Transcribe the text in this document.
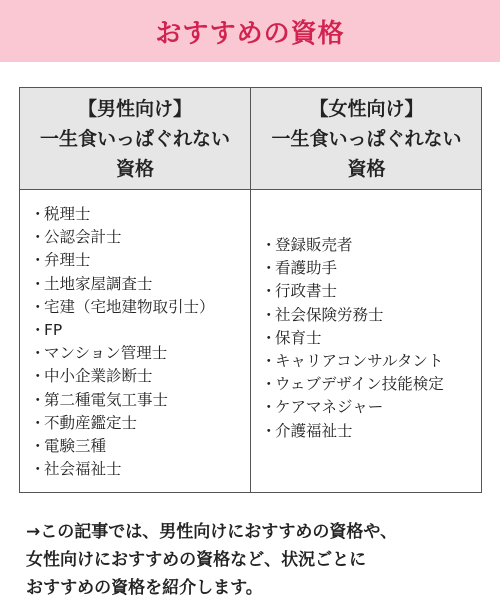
おすすめの資格
【男性向け】
一生食いっぱぐれない
資格
【女性向け】
一生食いっぱぐれない
資格
・税理士
・公認会計士
・弁理士
・土地家屋調査士
・宅建（宅地建物取引士）
・FP
・マンション管理士
・中小企業診断士
・第二種電気工事士
・不動産鑑定士
・電験三種
・社会福祉士
・登録販売者
・看護助手
・行政書士
・社会保険労務士
・保育士
・キャリアコンサルタント
・ウェブデザイン技能検定
・ケアマネジャー
・介護福祉士
→この記事では、男性向けにおすすめの資格や、
女性向けにおすすめの資格など、状況ごとに
おすすめの資格を紹介します。
